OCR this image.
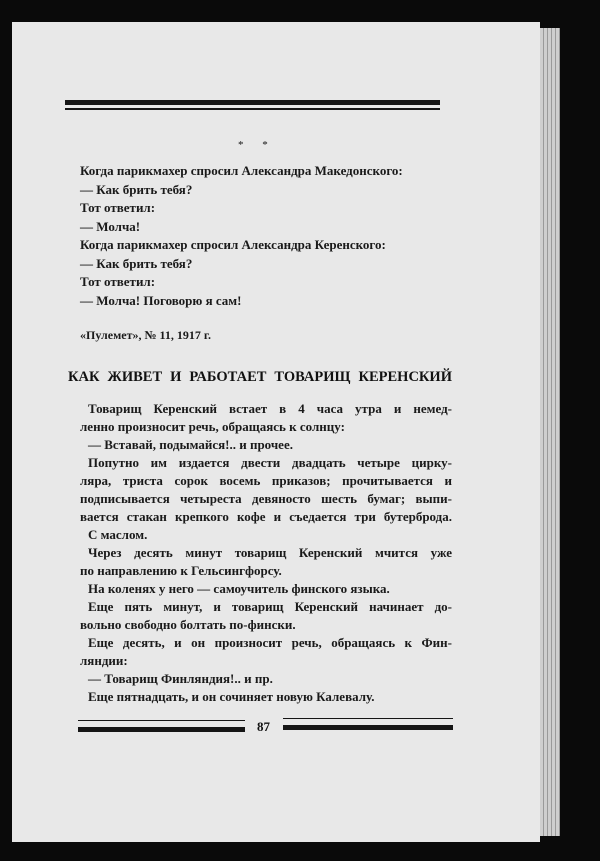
* *
Когда парикмахер спросил Александра Македонского:
— Как брить тебя?
Тот ответил:
— Молча!
Когда парикмахер спросил Александра Керенского:
— Как брить тебя?
Тот ответил:
— Молча! Поговорю я сам!
«Пулемет», № 11, 1917 г.
КАК ЖИВЕТ И РАБОТАЕТ ТОВАРИЩ КЕРЕНСКИЙ
Товарищ Керенский встает в 4 часа утра и немед-
ленно произносит речь, обращаясь к солнцу:
— Вставай, подымайся!.. и прочее.
Попутно им издается двести двадцать четыре цирку-
ляра, триста сорок восемь приказов; прочитывается и
подписывается четыреста девяносто шесть бумаг; выпи-
вается стакан крепкого кофе и съедается три бутерброда.
С маслом.
Через десять минут товарищ Керенский мчится уже
по направлению к Гельсингфорсу.
На коленях у него — самоучитель финского языка.
Еще пять минут, и товарищ Керенский начинает до-
вольно свободно болтать по-фински.
Еще десять, и он произносит речь, обращаясь к Фин-
ляндии:
— Товарищ Финляндия!.. и пр.
Еще пятнадцать, и он сочиняет новую Калевалу.
87
